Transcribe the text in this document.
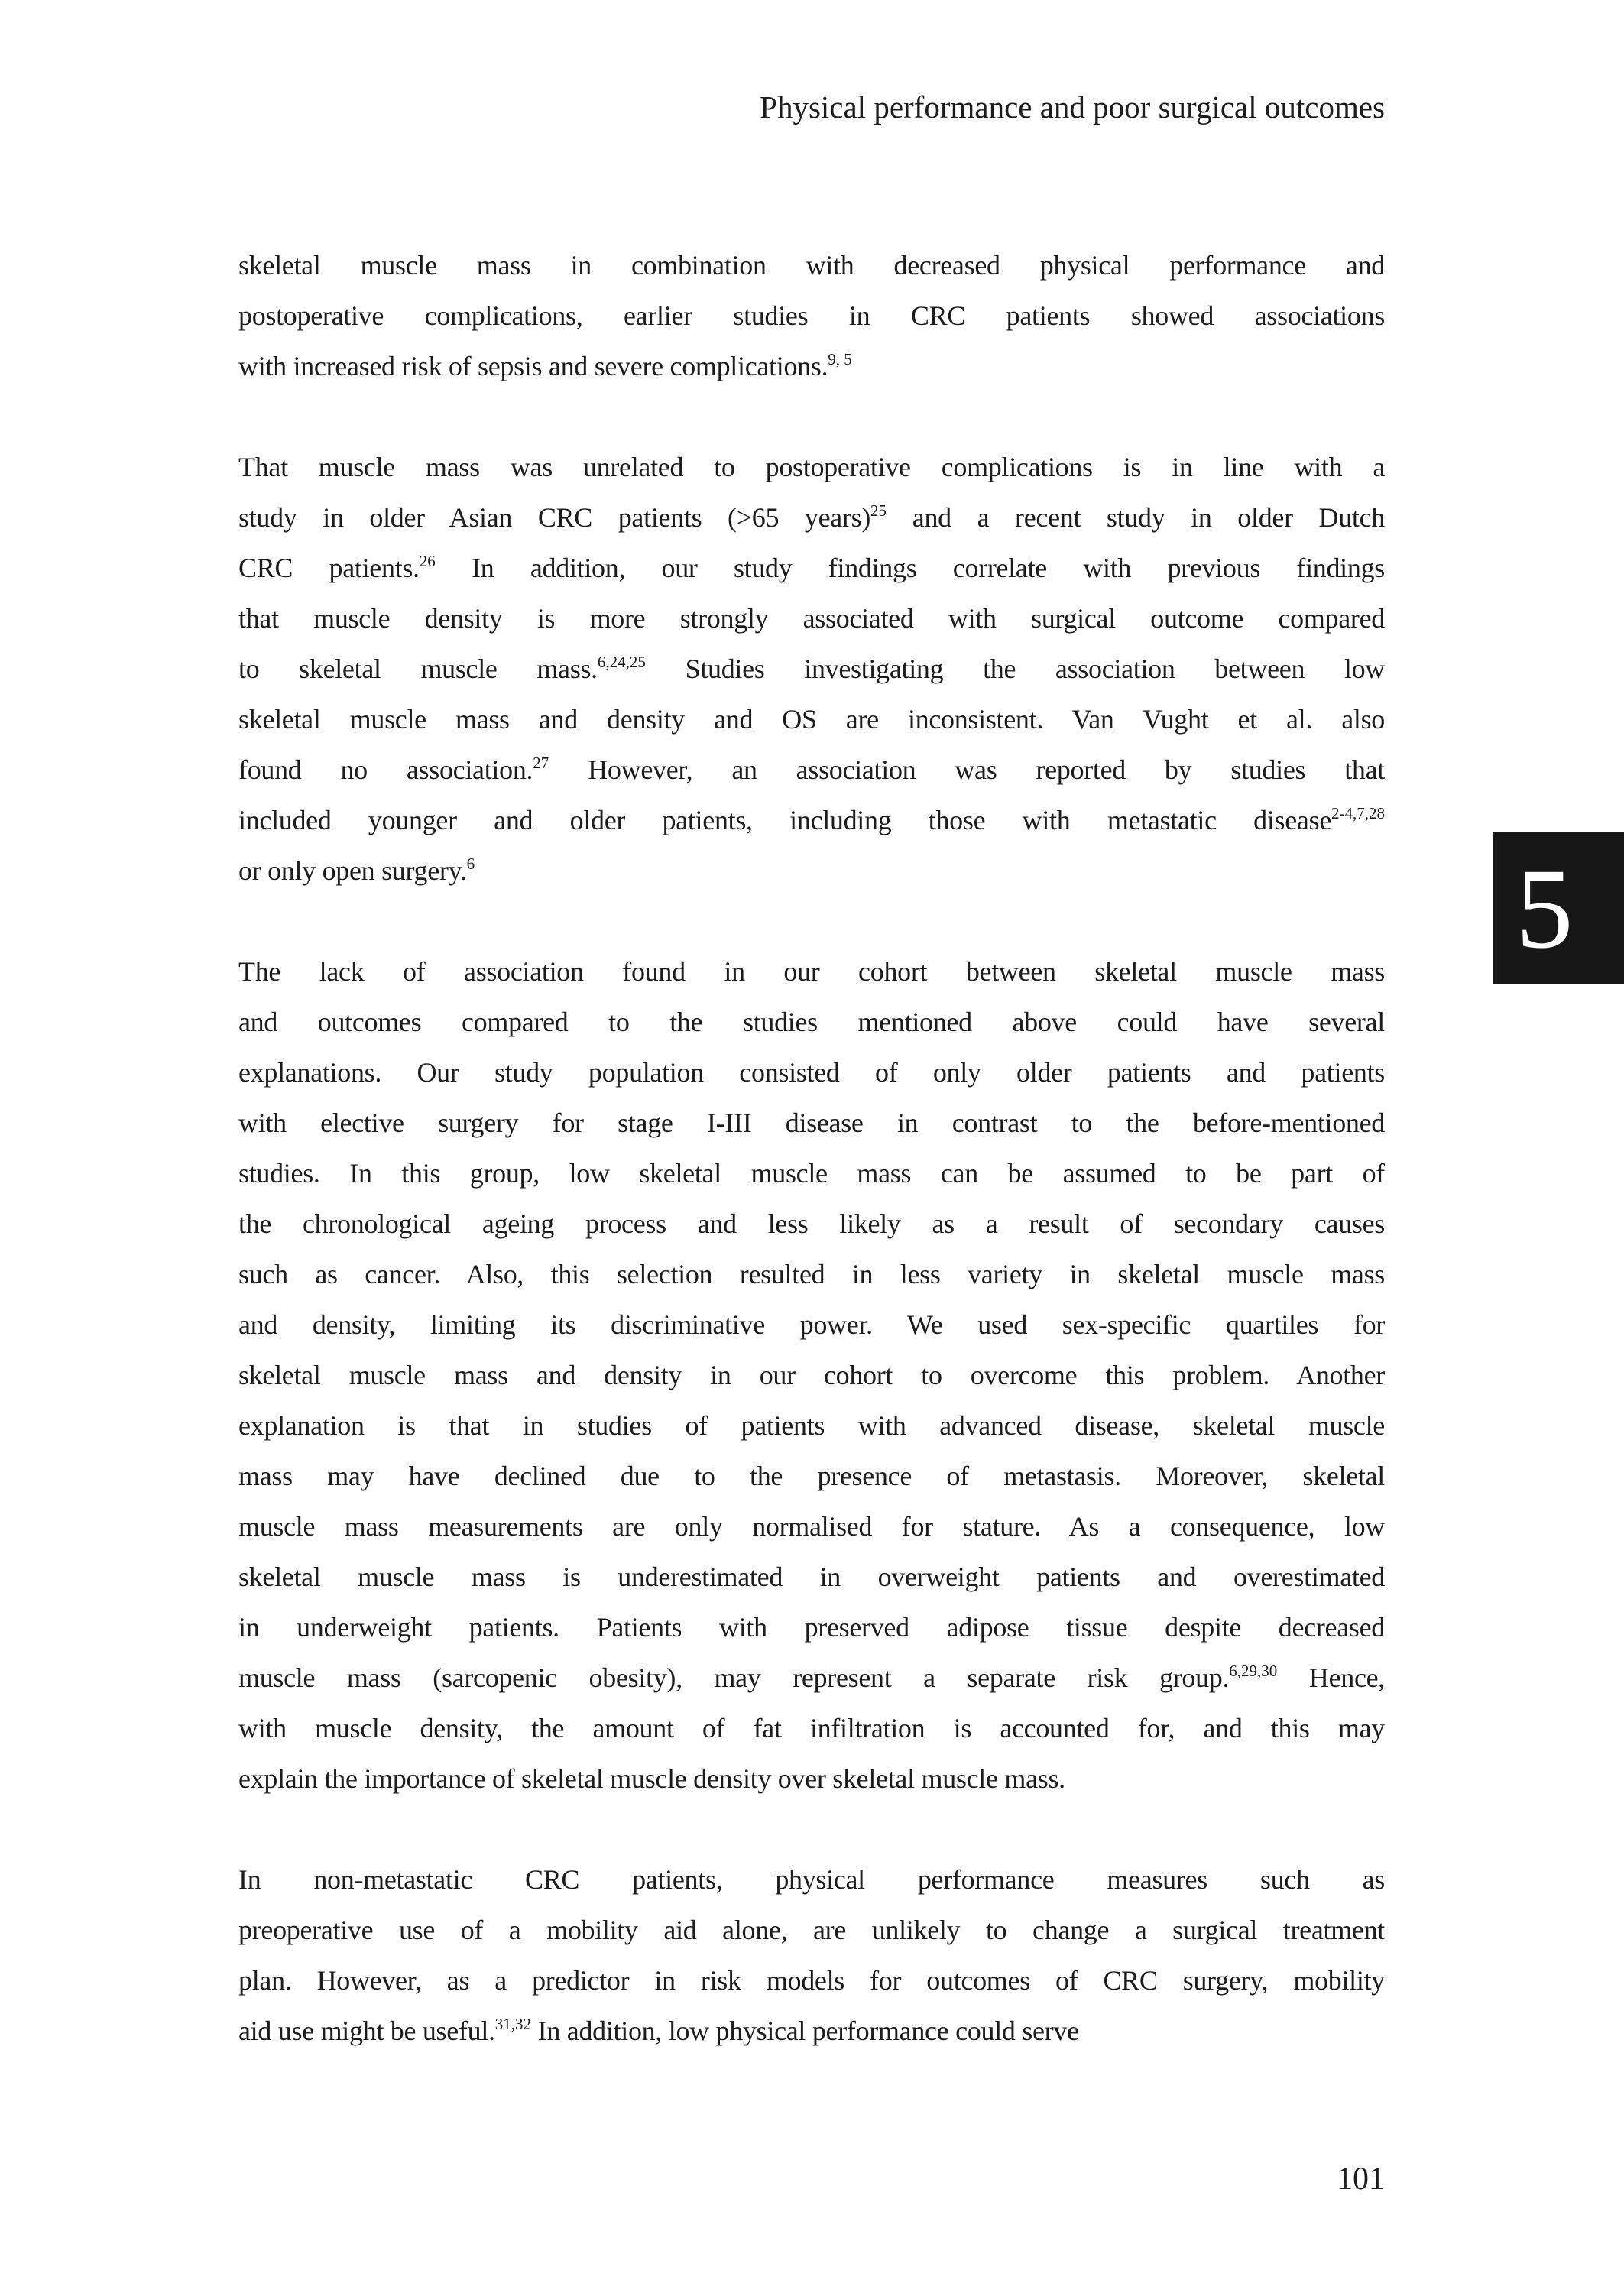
Physical performance and poor surgical outcomes
skeletal muscle mass in combination with decreased physical performance and
postoperative complications, earlier studies in CRC patients showed associations
with increased risk of sepsis and severe complications.$^{9, 5}$
That muscle mass was unrelated to postoperative complications is in line with a
study in older Asian CRC patients (>65 years)$^{25}$ and a recent study in older Dutch
CRC patients.$^{26}$ In addition, our study findings correlate with previous findings
that muscle density is more strongly associated with surgical outcome compared
to skeletal muscle mass.$^{6,24,25}$ Studies investigating the association between low
skeletal muscle mass and density and OS are inconsistent. Van Vught et al. also
found no association.$^{27}$ However, an association was reported by studies that
included younger and older patients, including those with metastatic disease$^{2-4,7,28}$
or only open surgery.$^6$
The lack of association found in our cohort between skeletal muscle mass
and outcomes compared to the studies mentioned above could have several
explanations. Our study population consisted of only older patients and patients
with elective surgery for stage I-III disease in contrast to the before-mentioned
studies. In this group, low skeletal muscle mass can be assumed to be part of
the chronological ageing process and less likely as a result of secondary causes
such as cancer. Also, this selection resulted in less variety in skeletal muscle mass
and density, limiting its discriminative power. We used sex-specific quartiles for
skeletal muscle mass and density in our cohort to overcome this problem. Another
explanation is that in studies of patients with advanced disease, skeletal muscle
mass may have declined due to the presence of metastasis. Moreover, skeletal
muscle mass measurements are only normalised for stature. As a consequence, low
skeletal muscle mass is underestimated in overweight patients and overestimated
in underweight patients. Patients with preserved adipose tissue despite decreased
muscle mass (sarcopenic obesity), may represent a separate risk group.$^{6,29,30}$ Hence,
with muscle density, the amount of fat infiltration is accounted for, and this may
explain the importance of skeletal muscle density over skeletal muscle mass.
In non-metastatic CRC patients, physical performance measures such as
preoperative use of a mobility aid alone, are unlikely to change a surgical treatment
plan. However, as a predictor in risk models for outcomes of CRC surgery, mobility
aid use might be useful.$^{31,32}$ In addition, low physical performance could serve
5
101
